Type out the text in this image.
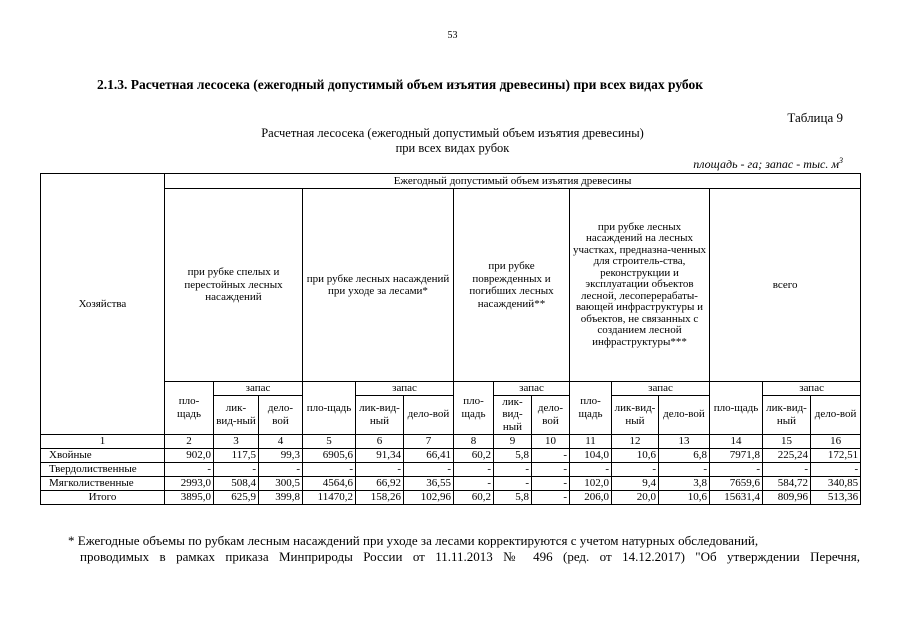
53
2.1.3. Расчетная лесосека (ежегодный допустимый объем изъятия древесины) при всех видах рубок
Таблица 9
Расчетная лесосека (ежегодный допустимый объем изъятия древесины)
при всех видах рубок
площадь - га; запас - тыс. $м^3$
Хозяйства	Ежегодный допустимый объем изъятия древесины														
	при рубке спелых и перестойных лесных насаждений			при рубке лесных насаждений при уходе за лесами*			при рубке поврежденных и погибших лесных насаждений**			при рубке лесных насаждений на лесных участках, предназна-ченных для строитель-ства, реконструкции и эксплуатации объектов лесной, лесоперерабаты-вающей инфраструктуры и объектов, не связанных с созданием лесной инфраструктуры***			всего		
	пло-щадь	запас		пло-щадь	запас		пло-щадь	запас		пло-щадь	запас		пло-щадь	запас	
		лик-вид-ный	дело-вой		лик-вид-ный	дело-вой		лик-вид-ный	дело-вой		лик-вид-ный	дело-вой		лик-вид-ный	дело-вой
1	2	3	4	5	6	7	8	9	10	11	12	13	14	15	16
Хвойные	902,0	117,5	99,3	6905,6	91,34	66,41	60,2	5,8	-	104,0	10,6	6,8	7971,8	225,24	172,51
Твердолиственные	-	-	-	-	-	-	-	-	-	-	-	-	-	-	-
Мягколиственные	2993,0	508,4	300,5	4564,6	66,92	36,55	-	-	-	102,0	9,4	3,8	7659,6	584,72	340,85
Итого	3895,0	625,9	399,8	11470,2	158,26	102,96	60,2	5,8	-	206,0	20,0	10,6	15631,4	809,96	513,36
* Ежегодные объемы по рубкам лесным насаждений при уходе за лесами корректируются с учетом натурных обследований,
проводимых в рамках приказа Минприроды России от 11.11.2013 № 496 (ред. от 14.12.2017) "Об утверждении Перечня,
